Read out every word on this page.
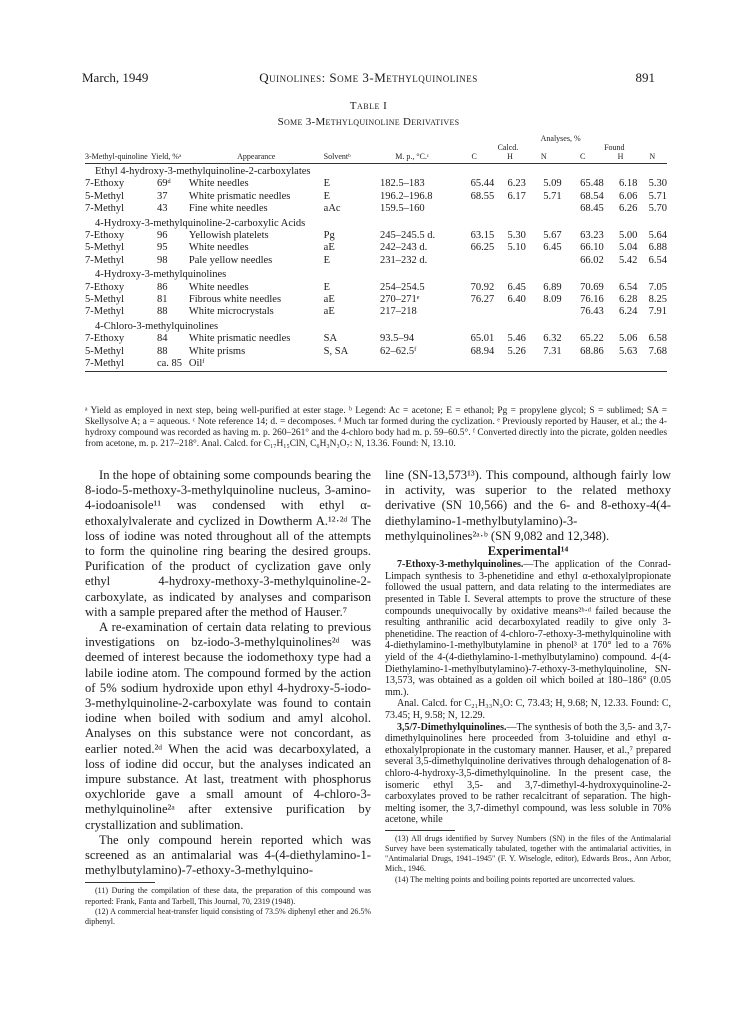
March, 1949	Quinolines: Some 3-Methylquinolines	891
Table I
Some 3-Methylquinoline Derivatives
					Analyses, %					
					Calcd.			Found		
3-Methyl-quinoline	Yield, %ᵃ	Appearance	Solventᵇ	M. p., °C.ᶜ	C	H	N	C	H	N
Ethyl 4-hydroxy-3-methylquinoline-2-carboxylates										
7-Ethoxy	69ᵈ	White needles	E	182.5–183	65.44	6.23	5.09	65.48	6.18	5.30
5-Methyl	37	White prismatic needles	E	196.2–196.8	68.55	6.17	5.71	68.54	6.06	5.71
7-Methyl	43	Fine white needles	aAc	159.5–160				68.45	6.26	5.70
4-Hydroxy-3-methylquinoline-2-carboxylic Acids										
7-Ethoxy	96	Yellowish platelets	Pg	245–245.5 d.	63.15	5.30	5.67	63.23	5.00	5.64
5-Methyl	95	White needles	aE	242–243 d.	66.25	5.10	6.45	66.10	5.04	6.88
7-Methyl	98	Pale yellow needles	E	231–232 d.				66.02	5.42	6.54
4-Hydroxy-3-methylquinolines										
7-Ethoxy	86	White needles	E	254–254.5	70.92	6.45	6.89	70.69	6.54	7.05
5-Methyl	81	Fibrous white needles	aE	270–271ᵉ	76.27	6.40	8.09	76.16	6.28	8.25
7-Methyl	88	White microcrystals	aE	217–218				76.43	6.24	7.91
4-Chloro-3-methylquinolines										
7-Ethoxy	84	White prismatic needles	SA	93.5–94	65.01	5.46	6.32	65.22	5.06	6.58
5-Methyl	88	White prisms	S, SA	62–62.5ᶠ	68.94	5.26	7.31	68.86	5.63	7.68
7-Methyl	ca. 85	Oilᶠ								
ᵃ Yield as employed in next step, being well-purified at ester stage. ᵇ Legend: Ac = acetone; E = ethanol; Pg = propylene glycol; S = sublimed; SA = Skellysolve A; a = aqueous. ᶜ Note reference 14; d. = decomposes. ᵈ Much tar formed during the cyclization. ᵉ Previously reported by Hauser, et al.; the 4-hydroxy compound was recorded as having m. p. 260–261° and the 4-chloro body had m. p. 59–60.5°. ᶠ Converted directly into the picrate, golden needles from acetone, m. p. 217–218°. Anal. Calcd. for C₁₇H₁₅ClN, C₆H₃N₃O₇: N, 13.36. Found: N, 13.10.

In the hope of obtaining some compounds bearing the 8-iodo-5-methoxy-3-methylquinoline nucleus, 3-amino-4-iodoanisole¹¹ was condensed with ethyl α-ethoxalylvalerate and cyclized in Dowtherm A.¹²·²ᵈ The loss of iodine was noted throughout all of the attempts to form the quinoline ring bearing the desired groups. Purification of the product of cyclization gave only ethyl 4-hydroxy-methoxy-3-methylquinoline-2-carboxylate, as indicated by analyses and comparison with a sample prepared after the method of Hauser.⁷

A re-examination of certain data relating to previous investigations on bz-iodo-3-methylquinolines²ᵈ was deemed of interest because the iodomethoxy type had a labile iodine atom. The compound formed by the action of 5% sodium hydroxide upon ethyl 4-hydroxy-5-iodo-3-methylquinoline-2-carboxylate was found to contain iodine when boiled with sodium and amyl alcohol. Analyses on this substance were not concordant, as earlier noted.²ᵈ When the acid was decarboxylated, a loss of iodine did occur, but the analyses indicated an impure substance. At last, treatment with phosphorus oxychloride gave a small amount of 4-chloro-3-methylquinoline²ᵃ after extensive purification by crystallization and sublimation.

The only compound herein reported which was screened as an antimalarial was 4-(4-diethylamino-1-methylbutylamino)-7-ethoxy-3-methylquino-

(11) During the compilation of these data, the preparation of this compound was reported: Frank, Fanta and Tarbell, This Journal, 70, 2319 (1948).

(12) A commercial heat-transfer liquid consisting of 73.5% diphenyl ether and 26.5% diphenyl.

line (SN-13,573¹³). This compound, although fairly low in activity, was superior to the related methoxy derivative (SN 10,566) and the 6- and 8-ethoxy-4(4-diethylamino-1-methylbutylamino)-3-methylquinolines²ᵃ·ᵇ (SN 9,082 and 12,348).

Experimental¹⁴

7-Ethoxy-3-methylquinolines.—The application of the Conrad-Limpach synthesis to 3-phenetidine and ethyl α-ethoxalylpropionate followed the usual pattern, and data relating to the intermediates are presented in Table I. Several attempts to prove the structure of these compounds unequivocally by oxidative means²ᵇ·ᵈ failed because the resulting anthranilic acid decarboxylated readily to give only 3-phenetidine. The reaction of 4-chloro-7-ethoxy-3-methylquinoline with 4-diethylamino-1-methylbutylamine in phenol³ at 170° led to a 76% yield of the 4-(4-diethylamino-1-methylbutylamino) compound. 4-(4-Diethylamino-1-methylbutylamino)-7-ethoxy-3-methylquinoline, SN-13,573, was obtained as a golden oil which boiled at 180–186° (0.05 mm.).

Anal. Calcd. for C₂₁H₃₃N₃O: C, 73.43; H, 9.68; N, 12.33. Found: C, 73.45; H, 9.58; N, 12.29.

3,5/7-Dimethylquinolines.—The synthesis of both the 3,5- and 3,7-dimethylquinolines here proceeded from 3-toluidine and ethyl α-ethoxalylpropionate in the customary manner. Hauser, et al.,⁷ prepared several 3,5-dimethylquinoline derivatives through dehalogenation of 8-chloro-4-hydroxy-3,5-dimethylquinoline. In the present case, the isomeric ethyl 3,5- and 3,7-dimethyl-4-hydroxyquinoline-2-carboxylates proved to be rather recalcitrant of separation. The high-melting isomer, the 3,7-dimethyl compound, was less soluble in 70% acetone, while

(13) All drugs identified by Survey Numbers (SN) in the files of the Antimalarial Survey have been systematically tabulated, together with the antimalarial activities, in "Antimalarial Drugs, 1941–1945" (F. Y. Wiselogle, editor), Edwards Bros., Ann Arbor, Mich., 1946.

(14) The melting points and boiling points reported are uncorrected values.
